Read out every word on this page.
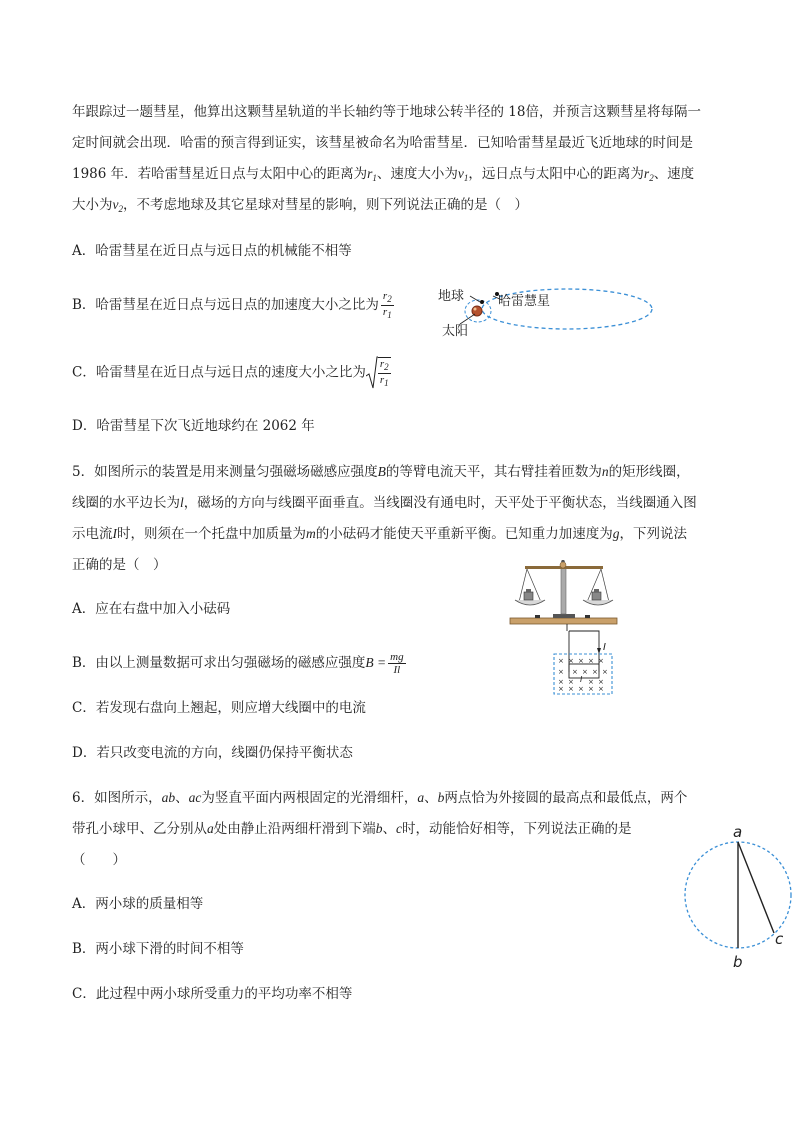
年跟踪过一题彗星，他算出这颗彗星轨道的半长轴约等于地球公转半径的 18倍，并预言这颗彗星将每隔一
定时间就会出现．哈雷的预言得到证实，该彗星被命名为哈雷彗星．已知哈雷彗星最近飞近地球的时间是
1986 年．若哈雷彗星近日点与太阳中心的距离为$r_1$、速度大小为$v_1$，远日点与太阳中心的距离为$r_2$、速度
大小为$v_2$，不考虑地球及其它星球对彗星的影响，则下列说法正确的是（　）
A．哈雷彗星在近日点与远日点的机械能不相等
B．哈雷彗星在近日点与远日点的加速度大小之比为 $\frac{r_2}{r_1}$
C．哈雷彗星在近日点与远日点的速度大小之比为 $\frac{r_2}{r_1}$
D．哈雷彗星下次飞近地球约在 2062 年
地球	哈雷慧星
太阳
5．如图所示的装置是用来测量匀强磁场磁感应强度B的等臂电流天平，其右臂挂着匝数为n的矩形线圈，
线圈的水平边长为l，磁场的方向与线圈平面垂直。当线圈没有通电时，天平处于平衡状态，当线圈通入图
示电流I时，则须在一个托盘中加质量为m的小砝码才能使天平重新平衡。已知重力加速度为g，下列说法
正确的是（　）
A．应在右盘中加入小砝码
B．由以上测量数据可求出匀强磁场的磁感应强度$B = \frac{mg}{Il}$
C．若发现右盘向上翘起，则应增大线圈中的电流
D．若只改变电流的方向，线圈仍保持平衡状态
I
I
× × × × ×
× × × × ×
× × × ×
× × × × ×
6．如图所示，ab、ac为竖直平面内两根固定的光滑细杆，a、b两点恰为外接圆的最高点和最低点，两个
带孔小球甲、乙分别从a处由静止沿两细杆滑到下端b、c时，动能恰好相等，下列说法正确的是
（　　）
A．两小球的质量相等
B．两小球下滑的时间不相等
C．此过程中两小球所受重力的平均功率不相等
a
b
c
